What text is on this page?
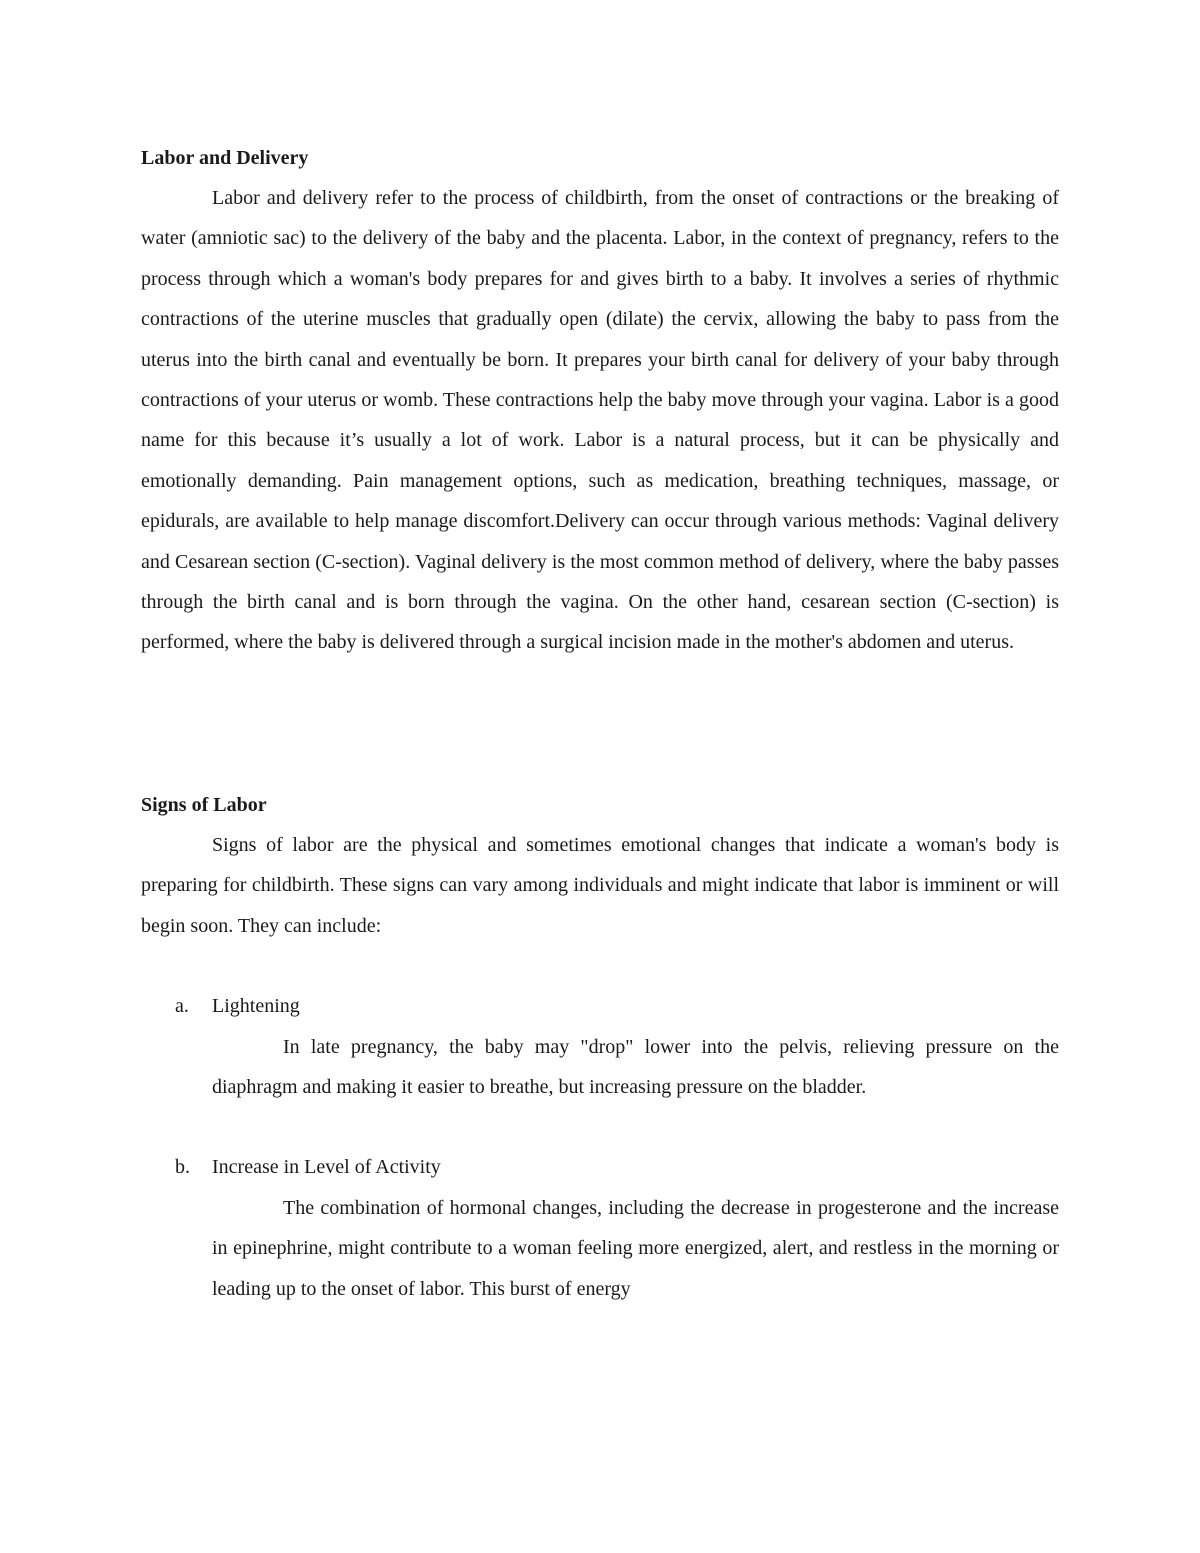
Labor and Delivery

Labor and delivery refer to the process of childbirth, from the onset of contractions or the breaking of water (amniotic sac) to the delivery of the baby and the placenta. Labor, in the context of pregnancy, refers to the process through which a woman's body prepares for and gives birth to a baby. It involves a series of rhythmic contractions of the uterine muscles that gradually open (dilate) the cervix, allowing the baby to pass from the uterus into the birth canal and eventually be born. It prepares your birth canal for delivery of your baby through contractions of your uterus or womb. These contractions help the baby move through your vagina. Labor is a good name for this because it’s usually a lot of work. Labor is a natural process, but it can be physically and emotionally demanding. Pain management options, such as medication, breathing techniques, massage, or epidurals, are available to help manage discomfort.Delivery can occur through various methods: Vaginal delivery and Cesarean section (C-section). Vaginal delivery is the most common method of delivery, where the baby passes through the birth canal and is born through the vagina. On the other hand, cesarean section (C-section) is performed, where the baby is delivered through a surgical incision made in the mother's abdomen and uterus.

Signs of Labor

Signs of labor are the physical and sometimes emotional changes that indicate a woman's body is preparing for childbirth. These signs can vary among individuals and might indicate that labor is imminent or will begin soon. They can include:

a. Lightening

In late pregnancy, the baby may "drop" lower into the pelvis, relieving pressure on the diaphragm and making it easier to breathe, but increasing pressure on the bladder.

b. Increase in Level of Activity

The combination of hormonal changes, including the decrease in progesterone and the increase in epinephrine, might contribute to a woman feeling more energized, alert, and restless in the morning or leading up to the onset of labor. This burst of energy
